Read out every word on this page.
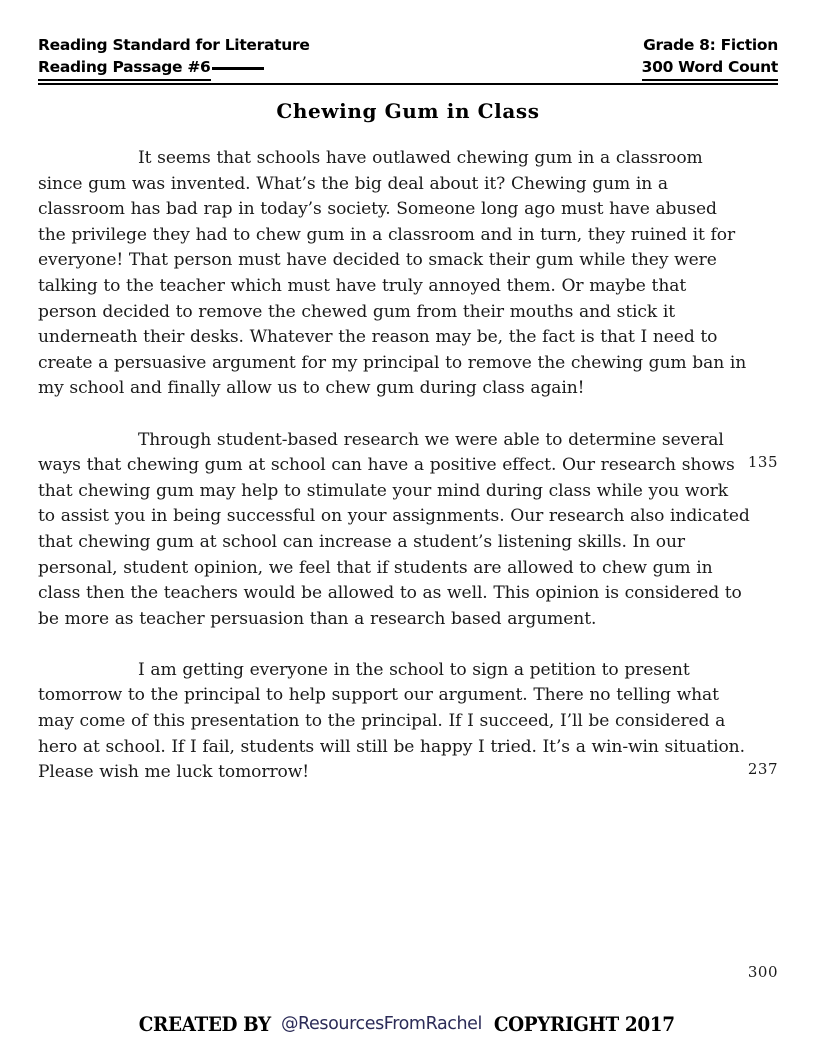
Reading Standard for Literature	Grade 8: Fiction
Reading Passage #6	300 Word Count
Chewing Gum in Class

It seems that schools have outlawed chewing gum in a classroom since gum was invented. What’s the big deal about it? Chewing gum in a classroom has bad rap in today’s society. Someone long ago must have abused the privilege they had to chew gum in a classroom and in turn, they ruined it for everyone! That person must have decided to smack their gum while they were talking to the teacher which must have truly annoyed them. Or maybe that person decided to remove the chewed gum from their mouths and stick it underneath their desks. Whatever the reason may be, the fact is that I need to create a persuasive argument for my principal to remove the chewing gum ban in my school and finally allow us to chew gum during class again!

Through student-based research we were able to determine several ways that chewing gum at school can have a positive effect. Our research shows that chewing gum may help to stimulate your mind during class while you work to assist you in being successful on your assignments. Our research also indicated that chewing gum at school can increase a student’s listening skills. In our personal, student opinion, we feel that if students are allowed to chew gum in class then the teachers would be allowed to as well. This opinion is considered to be more as teacher persuasion than a research based argument.

I am getting everyone in the school to sign a petition to present tomorrow to the principal to help support our argument. There no telling what may come of this presentation to the principal. If I succeed, I’ll be considered a hero at school. If I fail, students will still be happy I tried. It’s a win-win situation. Please wish me luck tomorrow!

135
237
300
CREATED BY @ResourcesFromRachel COPYRIGHT 2017
